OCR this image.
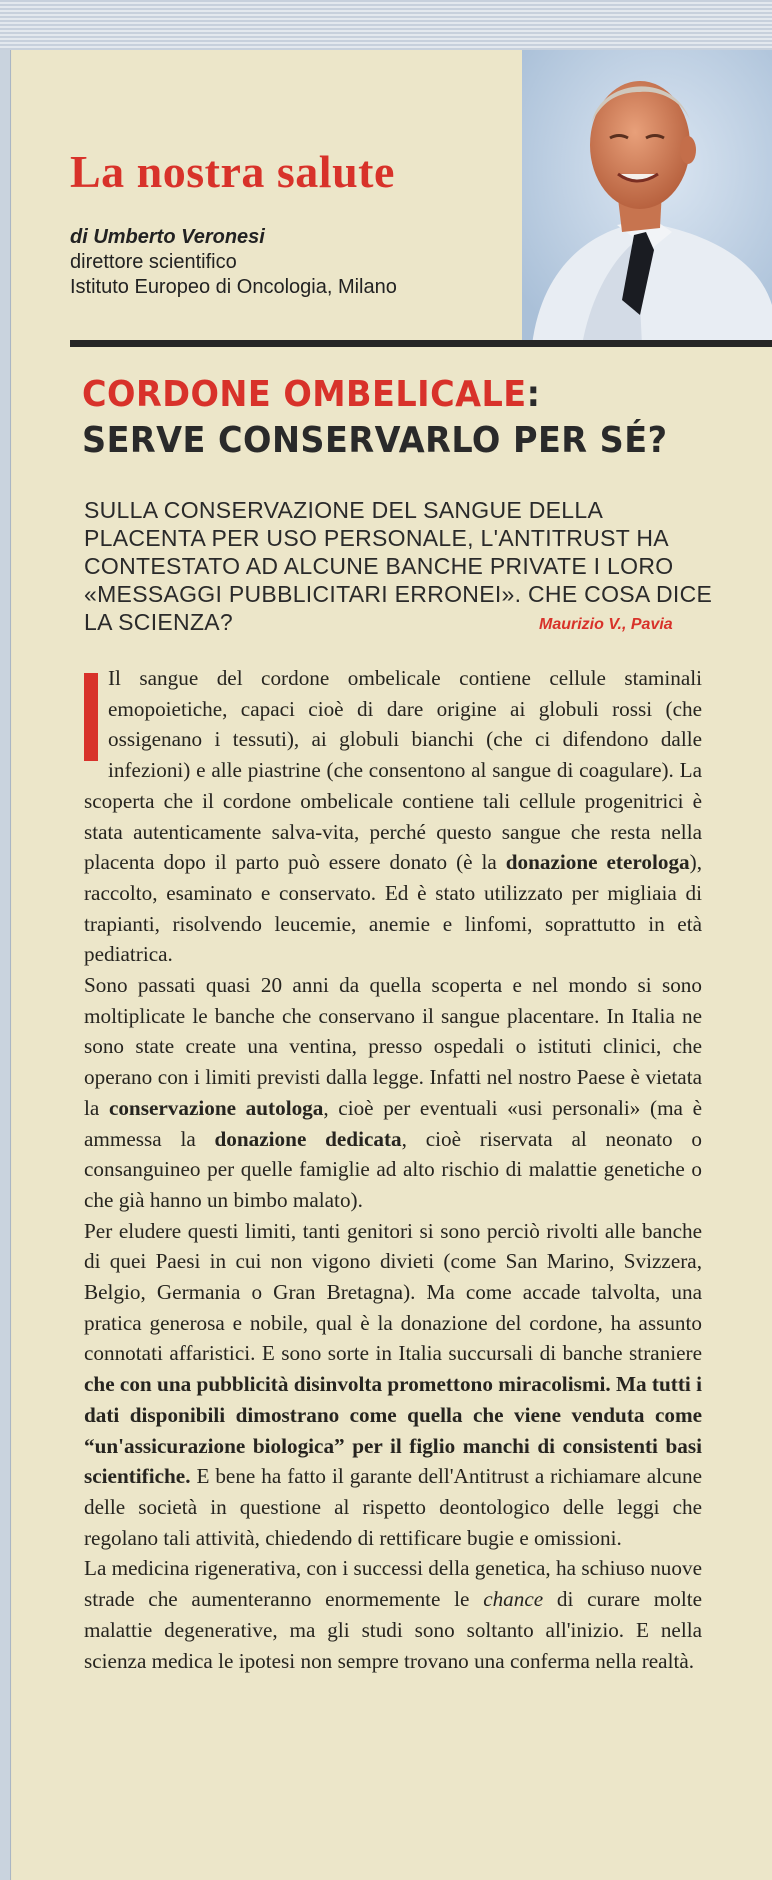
La nostra salute
di Umberto Veronesi
direttore scientifico
Istituto Europeo di Oncologia, Milano
CORDONE OMBELICALE:
SERVE CONSERVARLO PER SÉ?
SULLA CONSERVAZIONE DEL SANGUE DELLA PLACENTA PER USO PERSONALE, L'ANTITRUST HA CONTESTATO AD ALCUNE BANCHE PRIVATE I LORO «MESSAGGI PUBBLICITARI ERRONEI». CHE COSA DICE LA SCIENZA?	Maurizio V., Pavia

Il sangue del cordone ombelicale contiene cellule staminali emopoietiche, capaci cioè di dare origine ai globuli rossi (che ossigenano i tessuti), ai globuli bianchi (che ci difendono dalle infezioni) e alle piastrine (che consentono al sangue di coagulare). La scoperta che il cordone ombelicale contiene tali cellule progenitrici è stata autenticamente salva-vita, perché questo sangue che resta nella placenta dopo il parto può essere donato (è la donazione eterologa), raccolto, esaminato e conservato. Ed è stato utilizzato per migliaia di trapianti, risolvendo leucemie, anemie e linfomi, soprattutto in età pediatrica.

Sono passati quasi 20 anni da quella scoperta e nel mondo si sono moltiplicate le banche che conservano il sangue placentare. In Italia ne sono state create una ventina, presso ospedali o istituti clinici, che operano con i limiti previsti dalla legge. Infatti nel nostro Paese è vietata la conservazione autologa, cioè per eventuali «usi personali» (ma è ammessa la donazione dedicata, cioè riservata al neonato o consanguineo per quelle famiglie ad alto rischio di malattie genetiche o che già hanno un bimbo malato).

Per eludere questi limiti, tanti genitori si sono perciò rivolti alle banche di quei Paesi in cui non vigono divieti (come San Marino, Svizzera, Belgio, Germania o Gran Bretagna). Ma come accade talvolta, una pratica generosa e nobile, qual è la donazione del cordone, ha assunto connotati affaristici. E sono sorte in Italia succursali di banche straniere che con una pubblicità disinvolta promettono miracolismi. Ma tutti i dati disponibili dimostrano come quella che viene venduta come “un'assicurazione biologica” per il figlio manchi di consistenti basi scientifiche. E bene ha fatto il garante dell'Antitrust a richiamare alcune delle società in questione al rispetto deontologico delle leggi che regolano tali attività, chiedendo di rettificare bugie e omissioni.

La medicina rigenerativa, con i successi della genetica, ha schiuso nuove strade che aumenteranno enormemente le chance di curare molte malattie degenerative, ma gli studi sono soltanto all'inizio. E nella scienza medica le ipotesi non sempre trovano una conferma nella realtà.
